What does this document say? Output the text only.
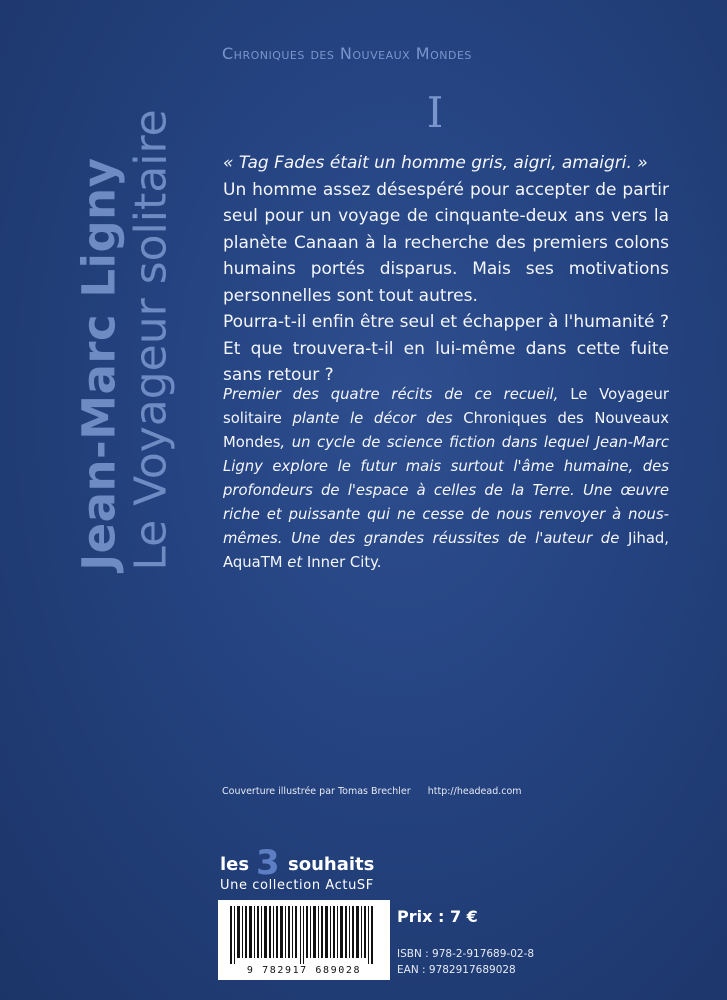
Jean-Marc Ligny Le Voyageur solitaire
Chroniques des Nouveaux Mondes
I

« Tag Fades était un homme gris, aigri, amaigri. »

Un homme assez désespéré pour accepter de partir seul pour un voyage de cinquante-deux ans vers la planète Canaan à la recherche des premiers colons humains portés disparus. Mais ses motivations personnelles sont tout autres.

Pourra-t-il enfin être seul et échapper à l'humanité ? Et que trouvera-t-il en lui-même dans cette fuite sans retour ?

Premier des quatre récits de ce recueil, Le Voyageur solitaire plante le décor des Chroniques des Nouveaux Mondes, un cycle de science fiction dans lequel Jean-Marc Ligny explore le futur mais surtout l'âme humaine, des profondeurs de l'espace à celles de la Terre. Une œuvre riche et puissante qui ne cesse de nous renvoyer à nous-mêmes. Une des grandes réussites de l'auteur de Jihad, AquaTM et Inner City.

Couverture illustrée par Tomas Brechler http://headead.com
les 3 souhaits
Une collection ActuSF
9 782917 689028
Prix : 7 €
ISBN : 978-2-917689-02-8
EAN : 9782917689028
